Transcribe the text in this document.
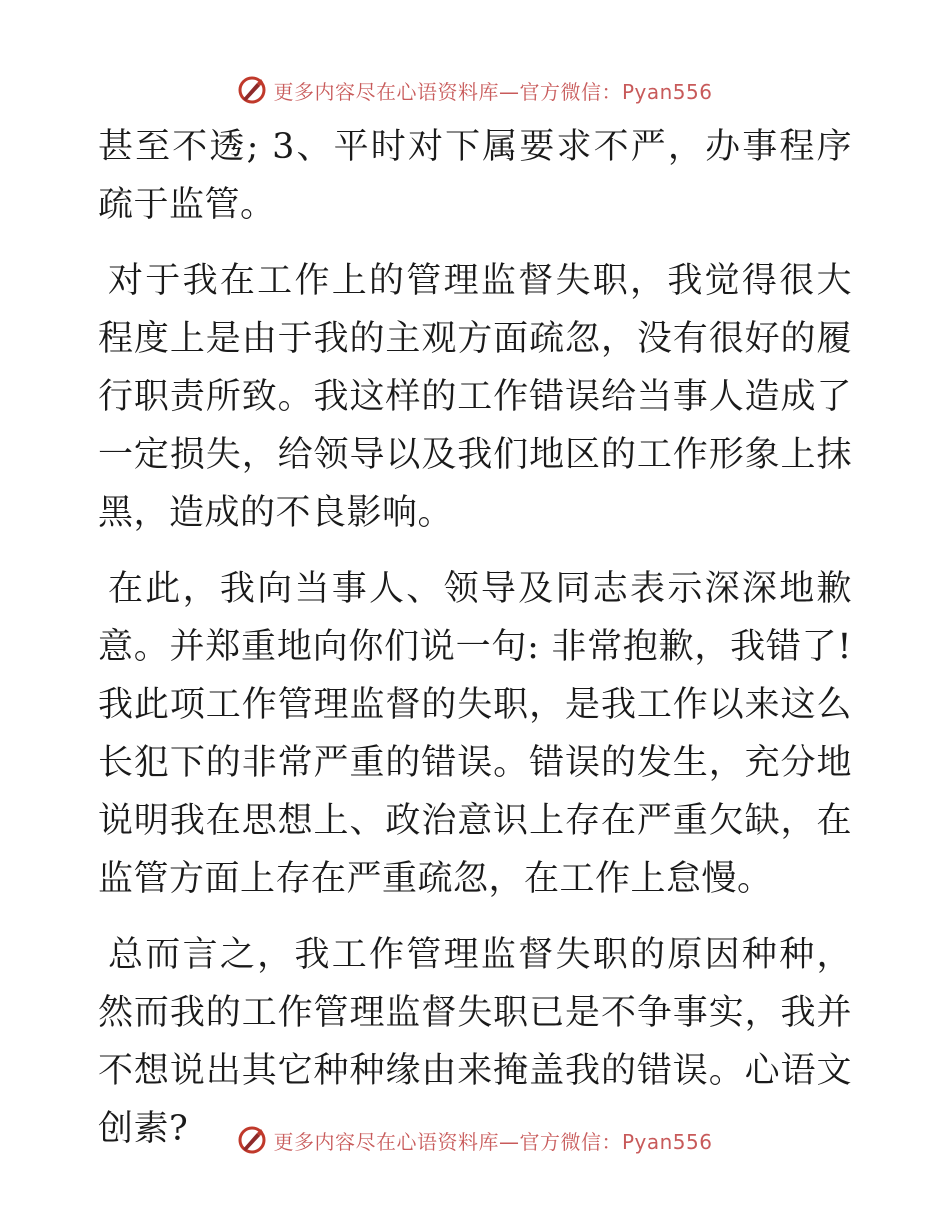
更多内容尽在心语资料库—官方微信：Pyan556

甚至不透; 3、平时对下属要求不严，办事程序疏于监管。

对于我在工作上的管理监督失职，我觉得很大程度上是由于我的主观方面疏忽，没有很好的履行职责所致。我这样的工作错误给当事人造成了一定损失，给领导以及我们地区的工作形象上抹黑，造成的不良影响。

在此，我向当事人、领导及同志表示深深地歉意。并郑重地向你们说一句: 非常抱歉，我错了! 我此项工作管理监督的失职，是我工作以来这么长犯下的非常严重的错误。错误的发生，充分地说明我在思想上、政治意识上存在严重欠缺，在监管方面上存在严重疏忽，在工作上怠慢。

总而言之，我工作管理监督失职的原因种种，然而我的工作管理监督失职已是不争事实，我并不想说出其它种种缘由来掩盖我的错误。心语文创素?	更多内容尽在心语资料库—官方微信：Pyan556
